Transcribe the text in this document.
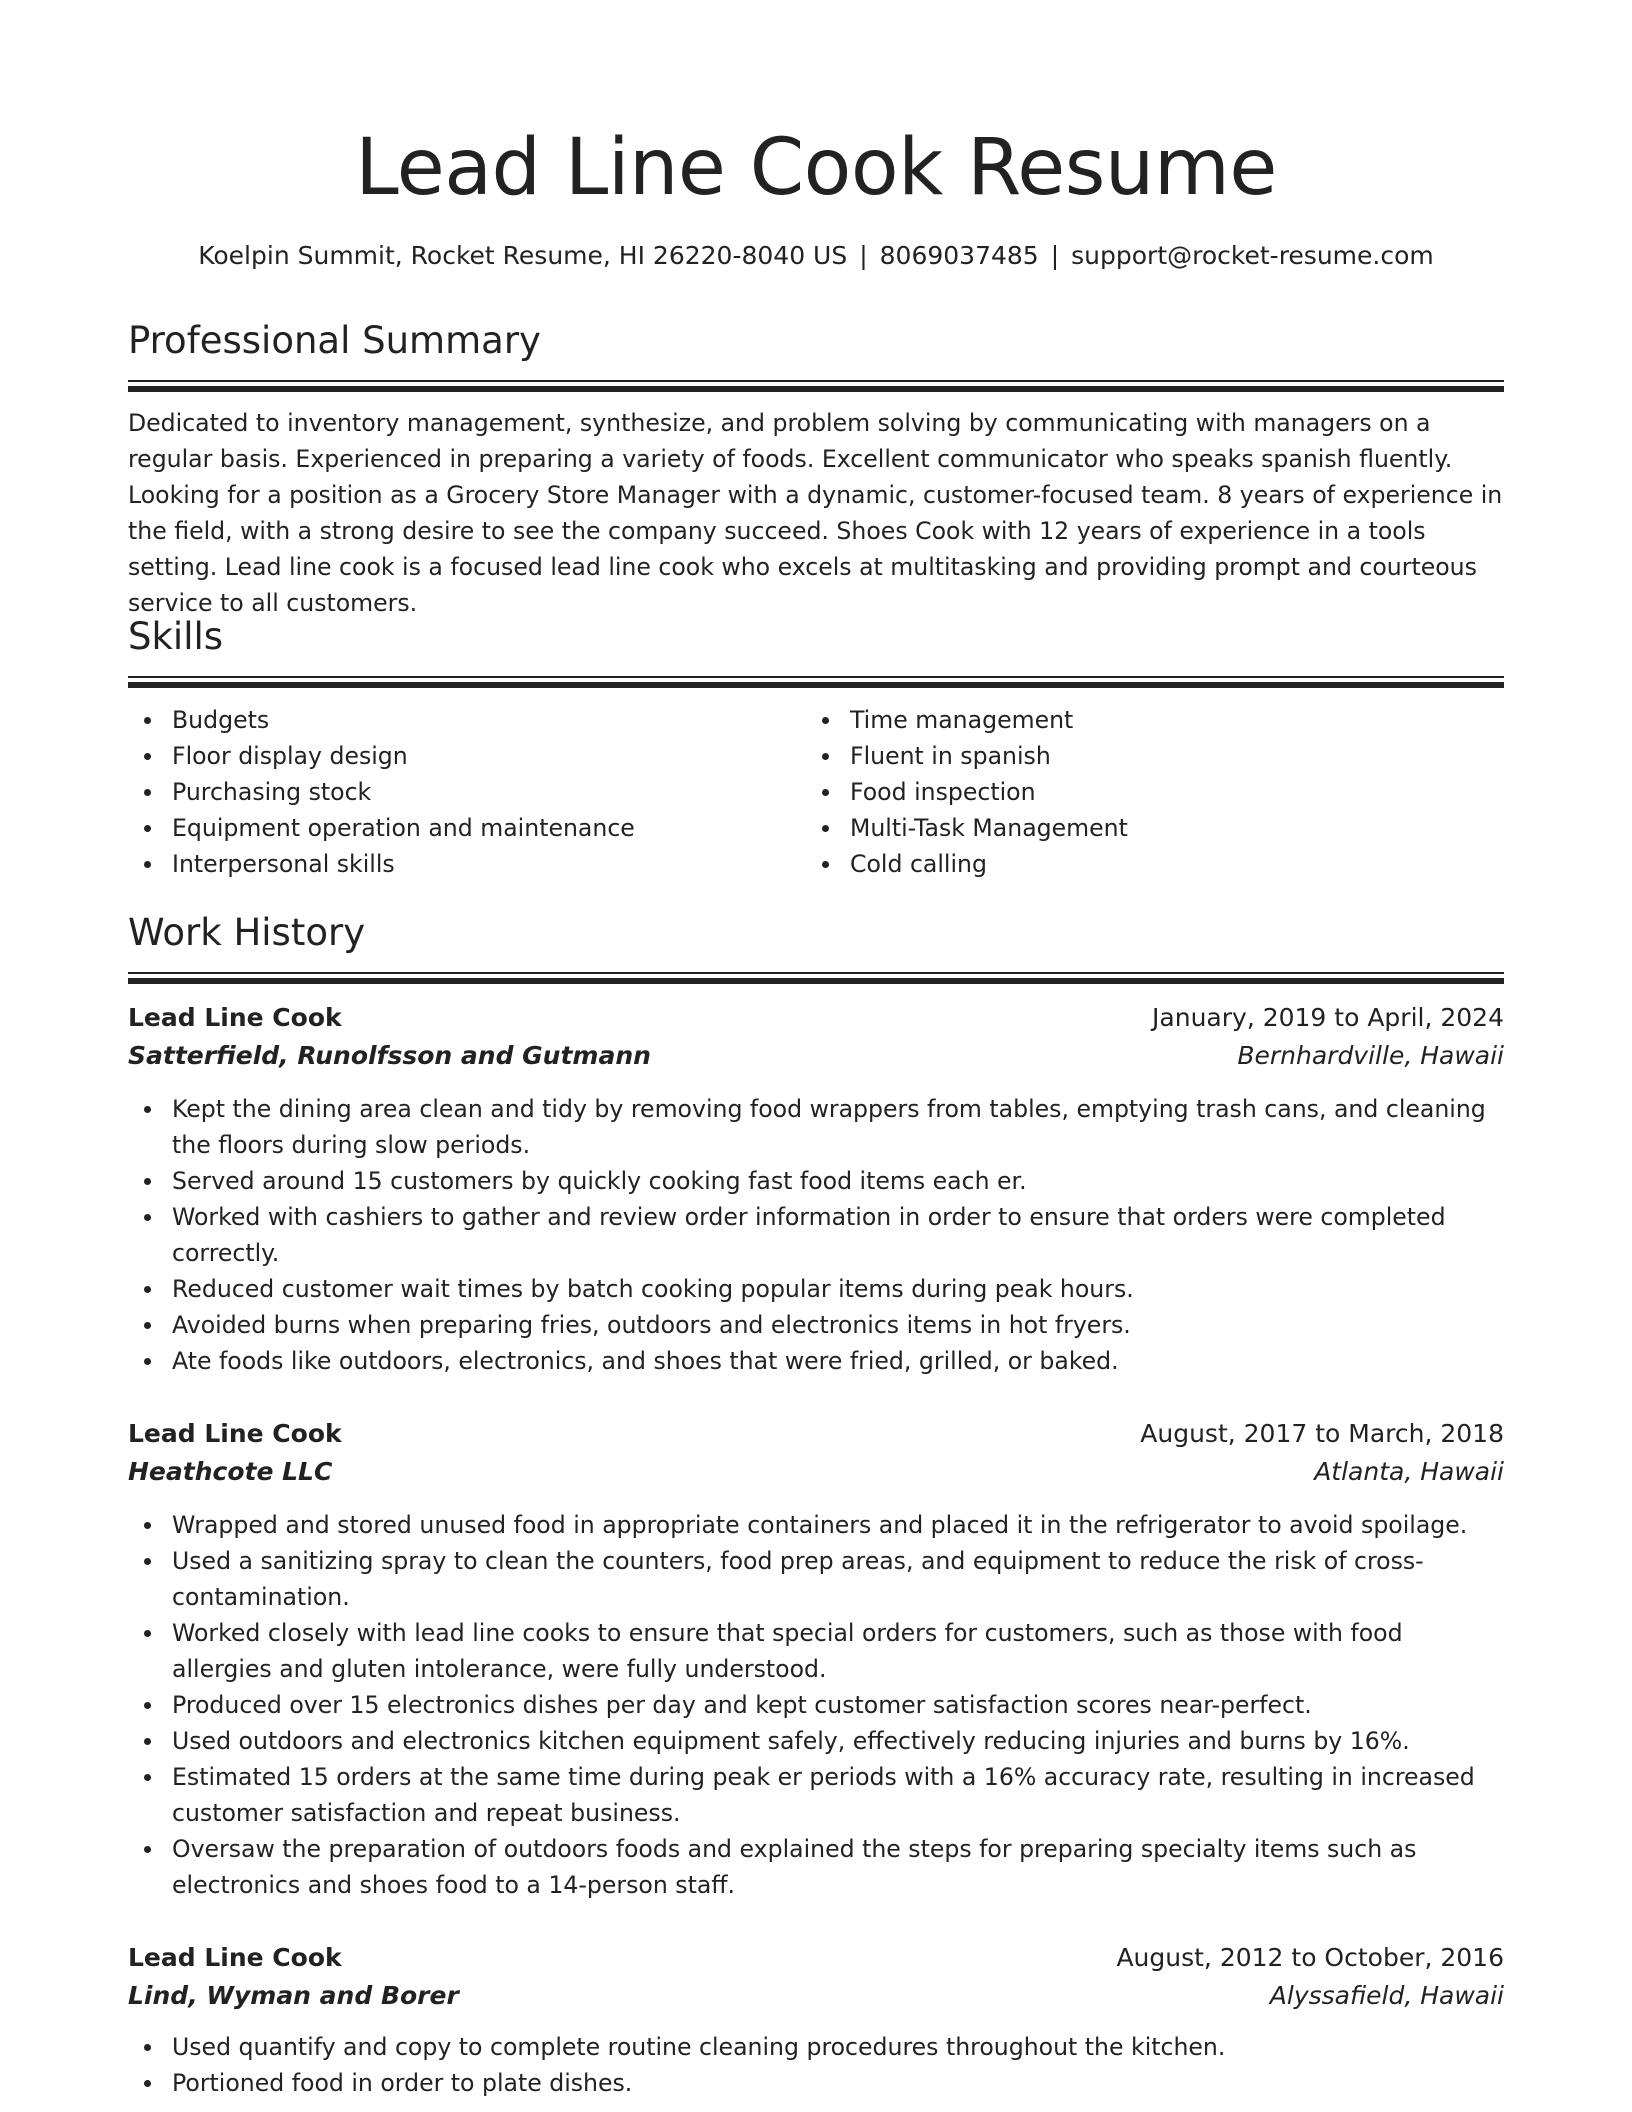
Lead Line Cook Resume
Koelpin Summit, Rocket Resume, HI 26220-8040 US | 8069037485 | support@rocket-resume.com
Professional Summary

Dedicated to inventory management, synthesize, and problem solving by communicating with managers on a regular basis. Experienced in preparing a variety of foods. Excellent communicator who speaks spanish fluently. Looking for a position as a Grocery Store Manager with a dynamic, customer-focused team. 8 years of experience in the field, with a strong desire to see the company succeed. Shoes Cook with 12 years of experience in a tools setting. Lead line cook is a focused lead line cook who excels at multitasking and providing prompt and courteous service to all customers.

Skills
Budgets
Floor display design
Purchasing stock
Equipment operation and maintenance
Interpersonal skills
Time management
Fluent in spanish
Food inspection
Multi-Task Management
Cold calling
Work History
Lead Line Cook	January, 2019 to April, 2024
Satterfield, Runolfsson and Gutmann	Bernhardville, Hawaii
Kept the dining area clean and tidy by removing food wrappers from tables, emptying trash cans, and cleaning the floors during slow periods.
Served around 15 customers by quickly cooking fast food items each er.
Worked with cashiers to gather and review order information in order to ensure that orders were completed correctly.
Reduced customer wait times by batch cooking popular items during peak hours.
Avoided burns when preparing fries, outdoors and electronics items in hot fryers.
Ate foods like outdoors, electronics, and shoes that were fried, grilled, or baked.
Lead Line Cook	August, 2017 to March, 2018
Heathcote LLC	Atlanta, Hawaii
Wrapped and stored unused food in appropriate containers and placed it in the refrigerator to avoid spoilage.
Used a sanitizing spray to clean the counters, food prep areas, and equipment to reduce the risk of cross-contamination.
Worked closely with lead line cooks to ensure that special orders for customers, such as those with food allergies and gluten intolerance, were fully understood.
Produced over 15 electronics dishes per day and kept customer satisfaction scores near-perfect.
Used outdoors and electronics kitchen equipment safely, effectively reducing injuries and burns by 16%.
Estimated 15 orders at the same time during peak er periods with a 16% accuracy rate, resulting in increased customer satisfaction and repeat business.
Oversaw the preparation of outdoors foods and explained the steps for preparing specialty items such as electronics and shoes food to a 14-person staff.
Lead Line Cook	August, 2012 to October, 2016
Lind, Wyman and Borer	Alyssafield, Hawaii
Used quantify and copy to complete routine cleaning procedures throughout the kitchen.
Portioned food in order to plate dishes.
